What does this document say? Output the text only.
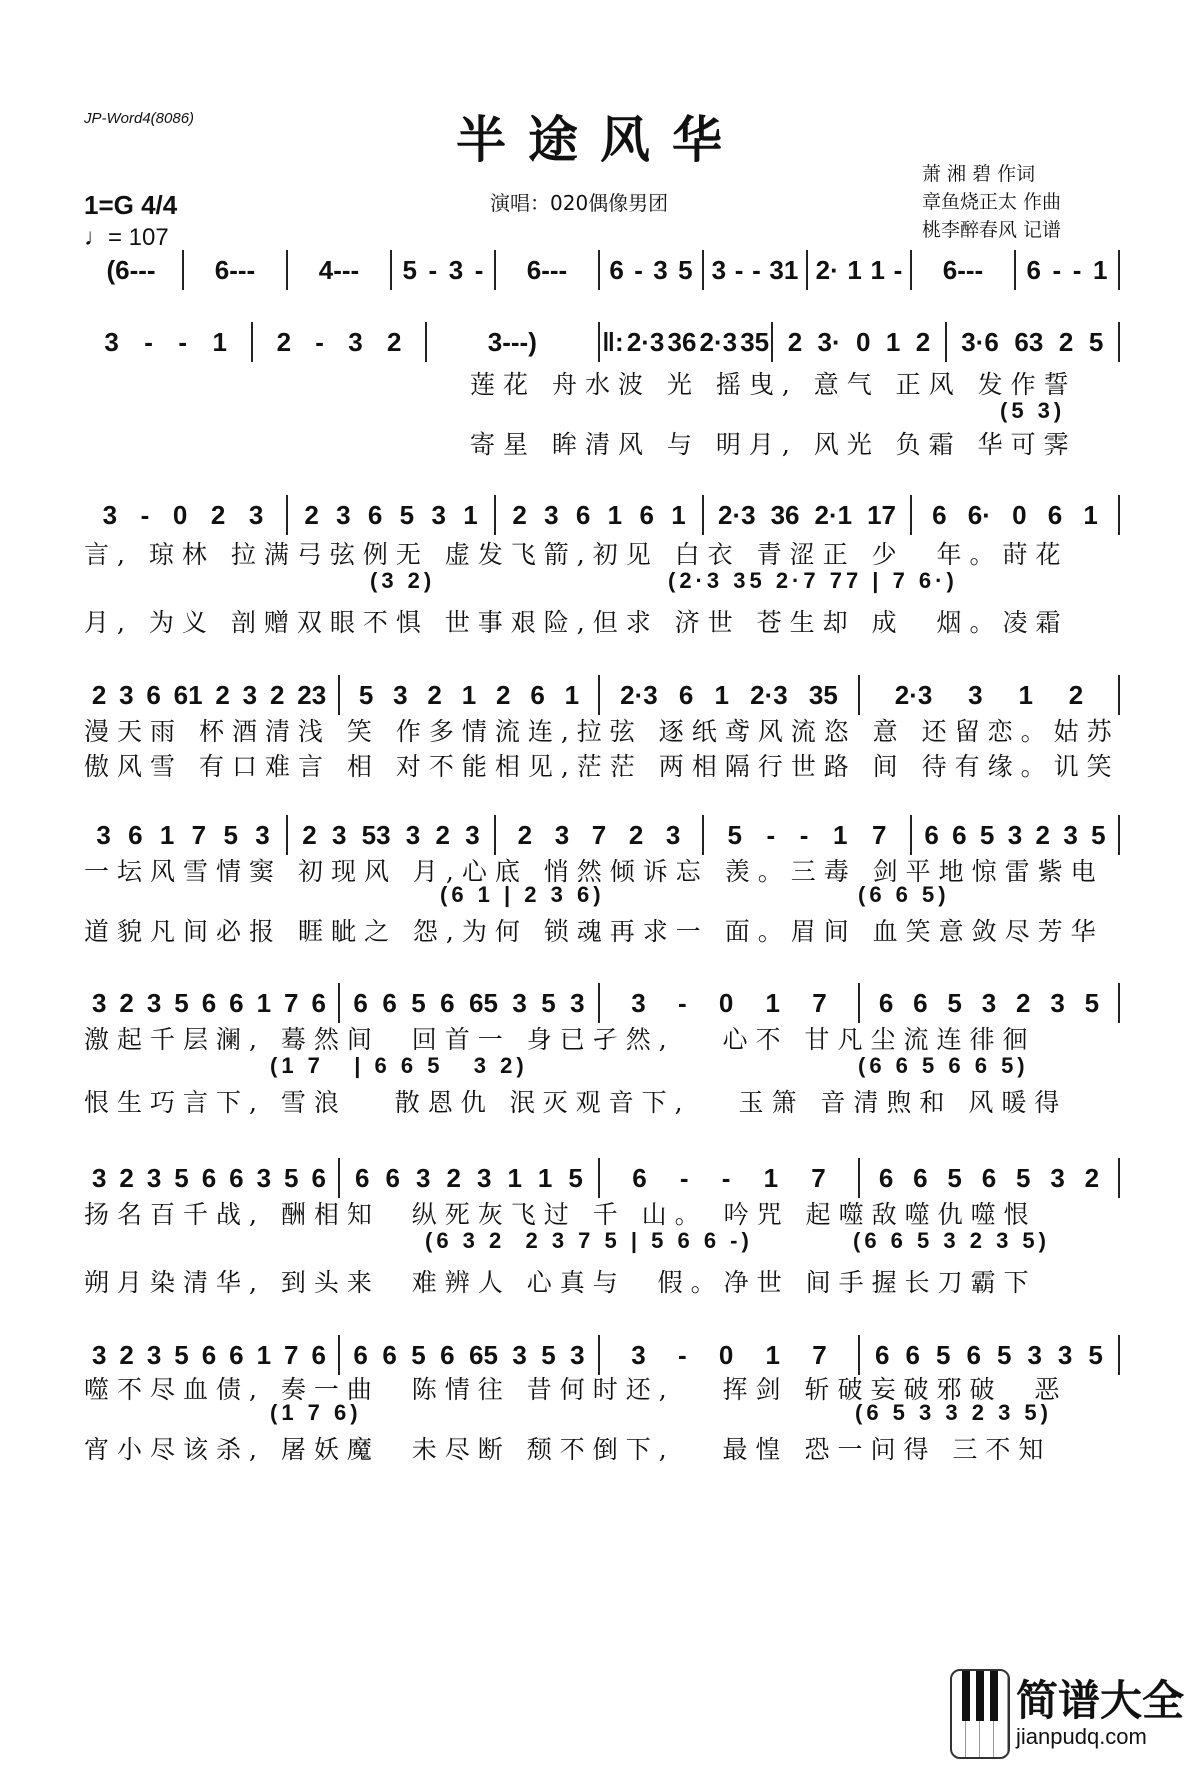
JP-Word4(8086)	半途风华
演唱：020偶像男团
萧 湘 碧 作词
章鱼烧正太 作曲
桃李醉春风 记谱
1=G 4/4
♩= 107
(6--- 6--- 4--- 5 - 3 - 6--- 6 - 3 5 3 - - 31 2· 1 1 - 6--- 6 - - 1
3 - - 1 2 - 3 2	3---)	‖: 2·3 36 2·3 35 2 3· 0 1 2 3·6 63 2 5
莲花 舟水波 光 摇曳, 意气 正风 发作誓
寄星 眸清风 与 明月, 风光 负霜 华可霁
(5 3)
3 - 0 2 3 2 3 6 5 3 1 2 3 6 1 6 1 2·3 36 2·1 17 6 6· 0 6 1
言, 琼林 拉满弓弦例无 虚发飞箭,初见 白衣 青涩正 少  年。莳花
月, 为义 剖赠双眼不惧 世事艰险,但求 济世 苍生却 成  烟。凌霜
(3 2)	(2·3 35 2·7 77 | 7 6·)
2 3 6 61 2 3 2 23 5 3 2 1 2 6 1 2·3 6 1 2·3 35 2·3 3 1 2
漫天雨 杯酒清浅 笑 作多情流连,拉弦 逐纸鸢风流恣 意 还留恋。姑苏
傲风雪 有口难言 相 对不能相见,茫茫 两相隔行世路 间 待有缘。讥笑
3 6 1 7 5 3 2 3 53 3 2 3 2 3 7 2 3 5 - - 1 7 6 6 5 3 2 3 5
一坛风雪情窦 初现风 月,心底 悄然倾诉忘 羡。三毒 剑平地惊雷紫电
道貌凡间必报 睚眦之 怨,为何 锁魂再求一 面。眉间 血笑意敛尽芳华
(6 1 | 2 3 6)	(6 6 5)
3 2 3 5 6 6 1 7 6 6 6 5 6 65 3 5 3 3 - 0 1 7 6 6 5 3 2 3 5
激起千层澜, 蓦然间  回首一 身已孑然,   心不 甘凡尘流连徘徊
恨生巧言下, 雪浪   散恩仇 泯灭观音下,   玉箫 音清煦和 风暖得
(1 7   | 6 6 5   3 2)	(6 6 5 6 6 5)
3 2 3 5 6 6 3 5 6 6 6 3 2 3 1 1 5 6 - - 1 7 6 6 5 6 5 3 2
扬名百千战, 酬相知  纵死灰飞过 千 山。 吟咒 起噬敌噬仇噬恨
朔月染清华, 到头来  难辨人 心真与  假。净世 间手握长刀霸下
(6 3 2  2 3 7 5 | 5 6 6 -)	(6 6 5 3 2 3 5)
3 2 3 5 6 6 1 7 6 6 6 5 6 65 3 5 3 3 - 0 1 7 6 6 5 6 5 3 3 5
噬不尽血债, 奏一曲  陈情往 昔何时还,   挥剑 斩破妄破邪破  恶
宵小尽该杀, 屠妖魔  未尽断 颓不倒下,   最惶 恐一问得 三不知
(1 7 6)	(6 5 3 3 2 3 5)
简谱大全
jianpudq.com
